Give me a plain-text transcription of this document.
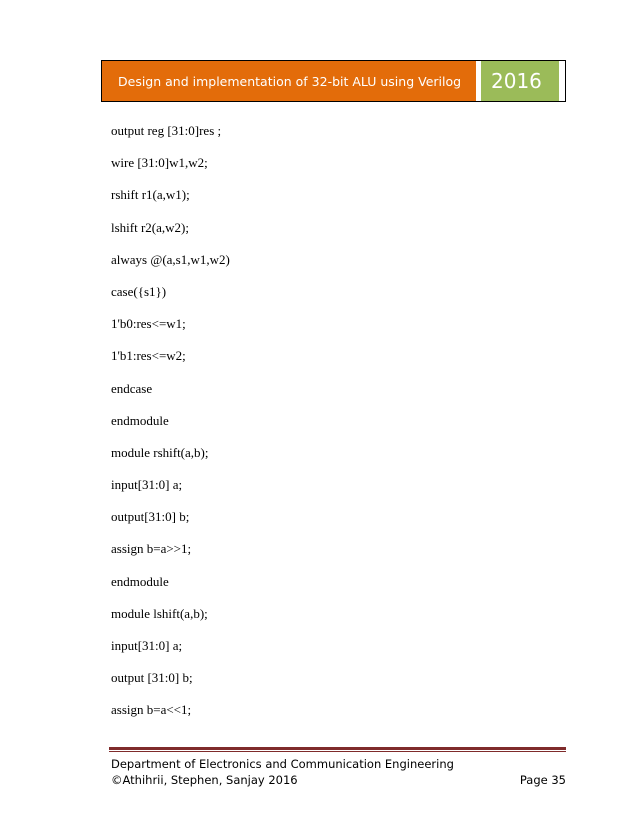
Design and implementation of 32-bit ALU using Verilog	2016
output reg [31:0]res ;
wire [31:0]w1,w2;
rshift r1(a,w1);
lshift r2(a,w2);
always @(a,s1,w1,w2)
case({s1})
1'b0:res<=w1;
1'b1:res<=w2;
endcase
endmodule
module rshift(a,b);
input[31:0] a;
output[31:0] b;
assign b=a>>1;
endmodule
module lshift(a,b);
input[31:0] a;
output [31:0] b;
assign b=a<<1;
Department of Electronics and Communication Engineering
©Athihrii, Stephen, Sanjay 2016	Page 35
